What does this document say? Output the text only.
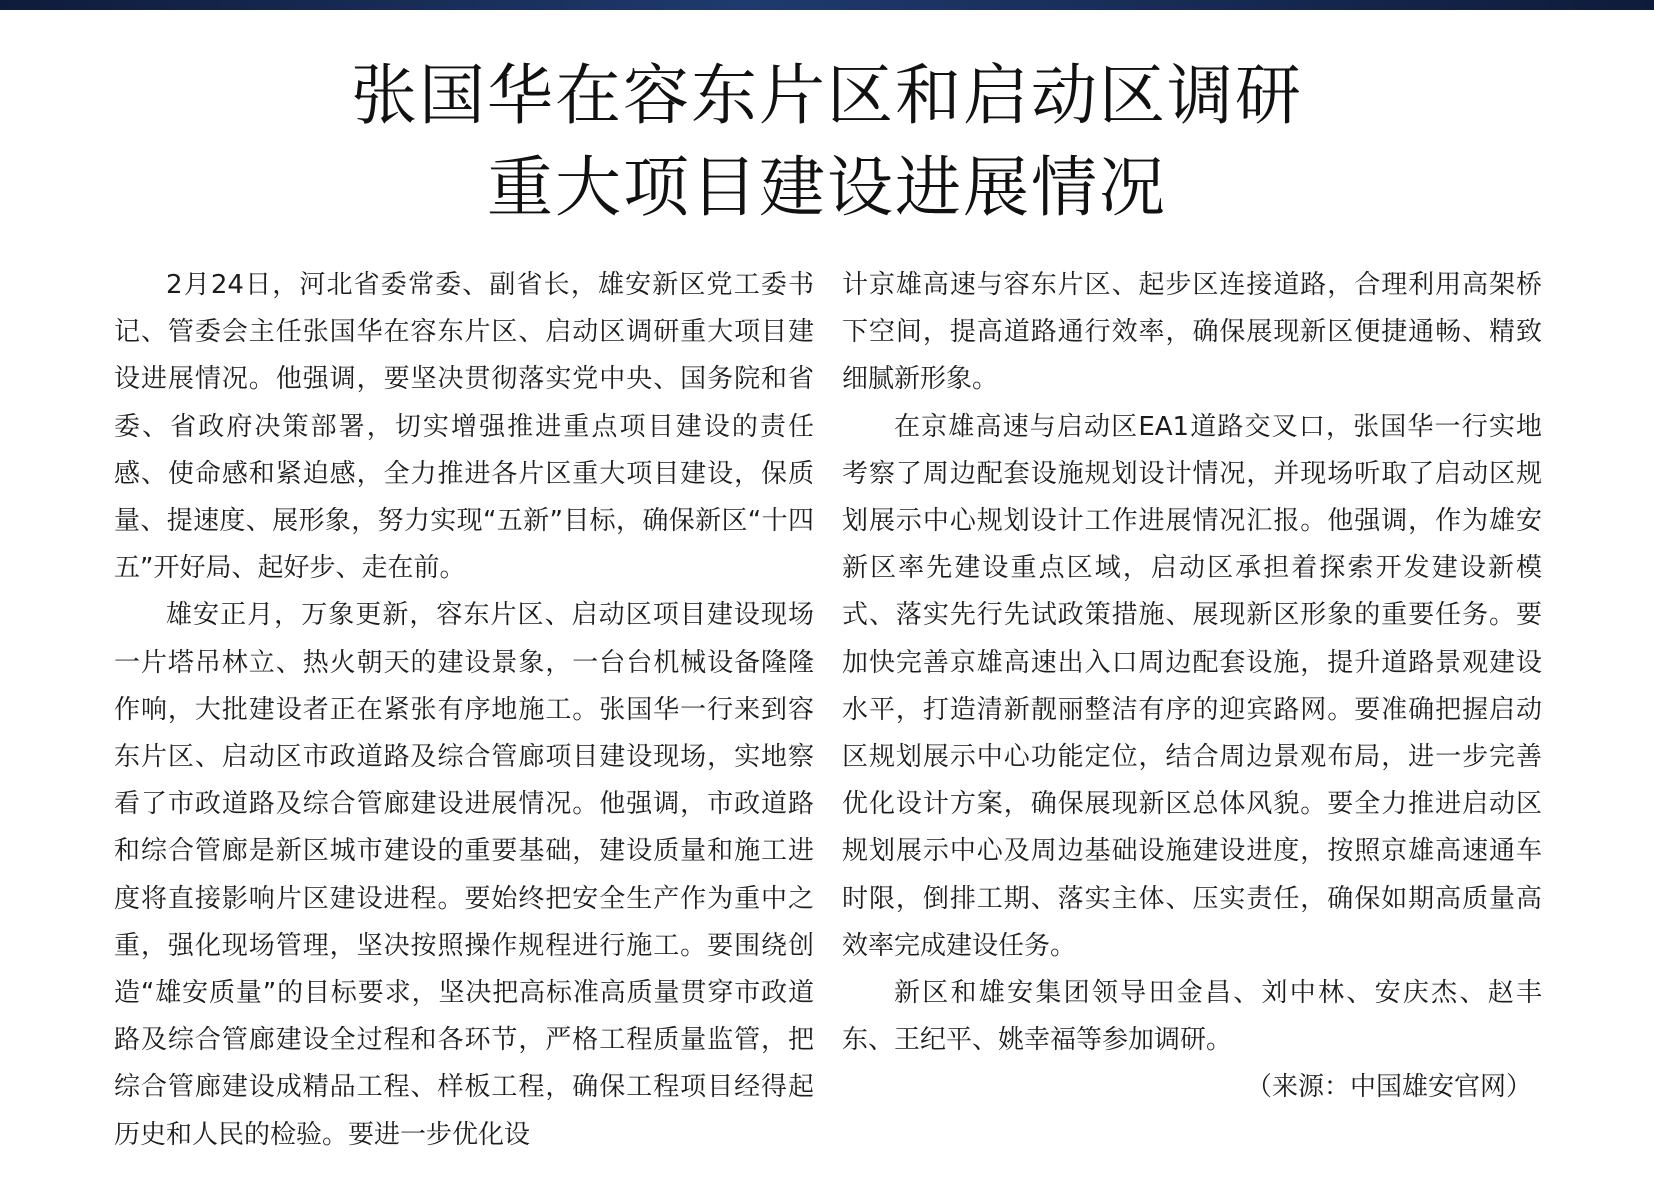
张国华在容东片区和启动区调研
重大项目建设进展情况

2月24日，河北省委常委、副省长，雄安新区党工委书记、管委会主任张国华在容东片区、启动区调研重大项目建设进展情况。他强调，要坚决贯彻落实党中央、国务院和省委、省政府决策部署，切实增强推进重点项目建设的责任感、使命感和紧迫感，全力推进各片区重大项目建设，保质量、提速度、展形象，努力实现“五新”目标，确保新区“十四五”开好局、起好步、走在前。

雄安正月，万象更新，容东片区、启动区项目建设现场一片塔吊林立、热火朝天的建设景象，一台台机械设备隆隆作响，大批建设者正在紧张有序地施工。张国华一行来到容东片区、启动区市政道路及综合管廊项目建设现场，实地察看了市政道路及综合管廊建设进展情况。他强调，市政道路和综合管廊是新区城市建设的重要基础，建设质量和施工进度将直接影响片区建设进程。要始终把安全生产作为重中之重，强化现场管理，坚决按照操作规程进行施工。要围绕创造“雄安质量”的目标要求，坚决把高标准高质量贯穿市政道路及综合管廊建设全过程和各环节，严格工程质量监管，把综合管廊建设成精品工程、样板工程，确保工程项目经得起历史和人民的检验。要进一步优化设

计京雄高速与容东片区、起步区连接道路，合理利用高架桥下空间，提高道路通行效率，确保展现新区便捷通畅、精致细腻新形象。

在京雄高速与启动区EA1道路交叉口，张国华一行实地考察了周边配套设施规划设计情况，并现场听取了启动区规划展示中心规划设计工作进展情况汇报。他强调，作为雄安新区率先建设重点区域，启动区承担着探索开发建设新模式、落实先行先试政策措施、展现新区形象的重要任务。要加快完善京雄高速出入口周边配套设施，提升道路景观建设水平，打造清新靓丽整洁有序的迎宾路网。要准确把握启动区规划展示中心功能定位，结合周边景观布局，进一步完善优化设计方案，确保展现新区总体风貌。要全力推进启动区规划展示中心及周边基础设施建设进度，按照京雄高速通车时限，倒排工期、落实主体、压实责任，确保如期高质量高效率完成建设任务。

新区和雄安集团领导田金昌、刘中林、安庆杰、赵丰东、王纪平、姚幸福等参加调研。

（来源：中国雄安官网）
